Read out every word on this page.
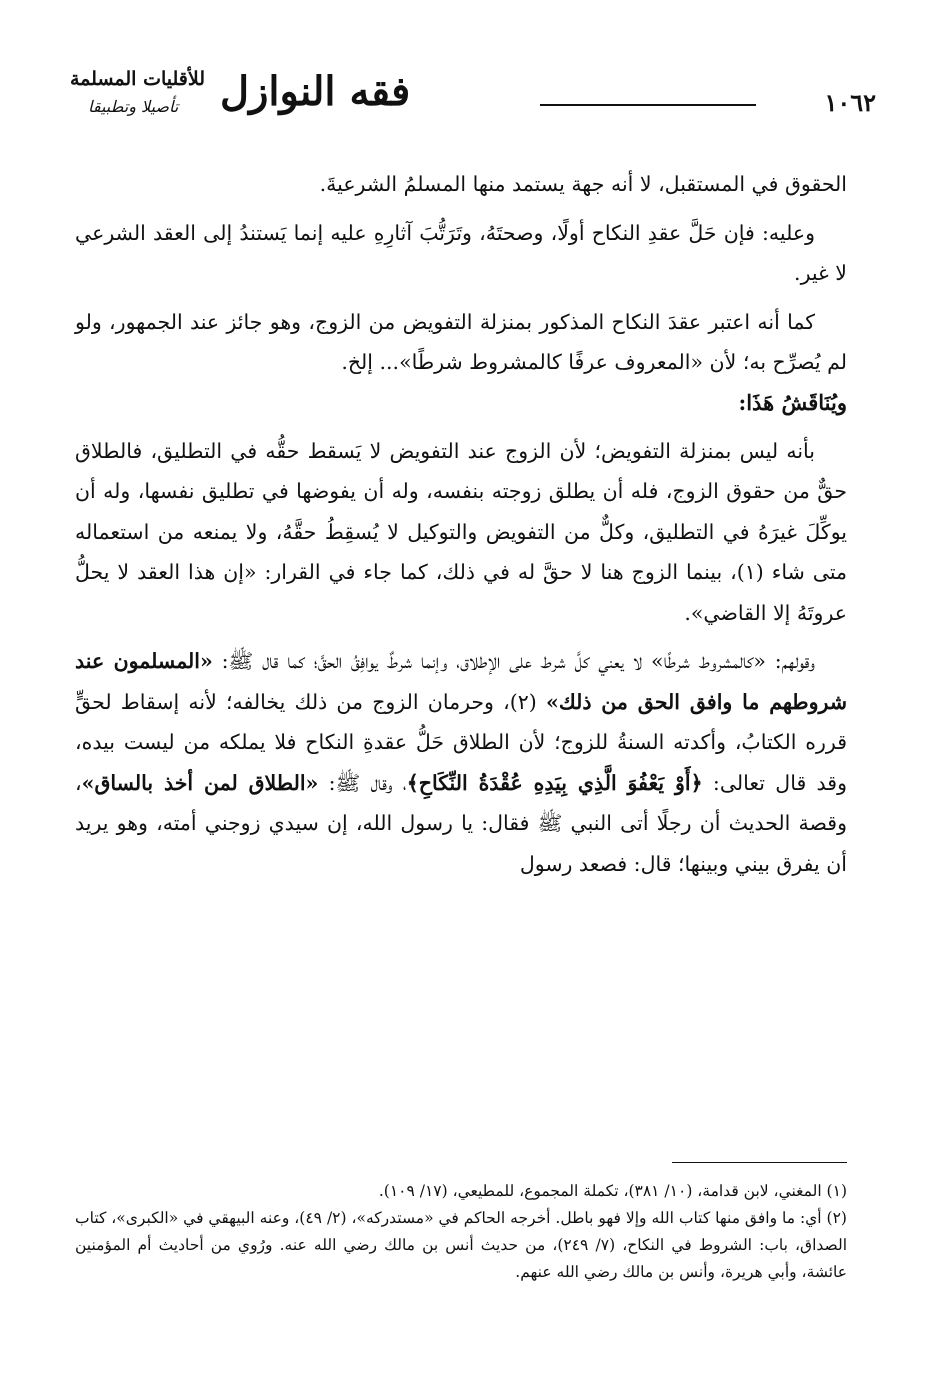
١٠٦٢
فقه النوازل
للأقليات المسلمة
تأصيلا وتطبيقا

الحقوق في المستقبل، لا أنه جهة يستمد منها المسلمُ الشرعيةَ.

وعليه: فإن حَلَّ عقدِ النكاح أولًا، وصحتَهُ، وتَرَتُّبَ آثارِهِ عليه إنما يَستندُ إلى العقد الشرعي لا غير.

كما أنه اعتبر عقدَ النكاح المذكور بمنزلة التفويض من الزوج، وهو جائز عند الجمهور، ولو لم يُصرِّح به؛ لأن «المعروف عرفًا كالمشروط شرطًا»... إلخ.

ويُنَاقَشُ هَذَا:

بأنه ليس بمنزلة التفويض؛ لأن الزوج عند التفويض لا يَسقط حقُّه في التطليق، فالطلاق حقٌّ من حقوق الزوج، فله أن يطلق زوجته بنفسه، وله أن يفوضها في تطليق نفسها، وله أن يوكِّلَ غيرَهُ في التطليق، وكلٌّ من التفويض والتوكيل لا يُسقِطُ حقَّهُ، ولا يمنعه من استعماله متى شاء (١)، بينما الزوج هنا لا حقَّ له في ذلك، كما جاء في القرار: «إن هذا العقد لا يحلُّ عروتَهُ إلا القاضي».

وقولهم: «كالمشروط شرطًا» لا يعني كلَّ شرط على الإطلاق، وإنما شرطٌ يوافِقُ الحقَّ؛ كما قال ﷺ: «المسلمون عند شروطهم ما وافق الحق من ذلك» (٢)، وحرمان الزوج من ذلك يخالفه؛ لأنه إسقاط لحقٍّ قرره الكتابُ، وأكدته السنةُ للزوج؛ لأن الطلاق حَلُّ عقدةِ النكاح فلا يملكه من ليست بيده، وقد قال تعالى: ﴿أَوْ يَعْفُوَ الَّذِي بِيَدِهِ عُقْدَةُ النِّكَاحِ﴾، وقال ﷺ: «الطلاق لمن أخذ بالساق»، وقصة الحديث أن رجلًا أتى النبي ﷺ فقال: يا رسول الله، إن سيدي زوجني أمته، وهو يريد أن يفرق بيني وبينها؛ قال: فصعد رسول

(١) المغني، لابن قدامة، (١٠/ ٣٨١)، تكملة المجموع، للمطيعي، (١٧/ ١٠٩).

(٢) أي: ما وافق منها كتاب الله وإلا فهو باطل. أخرجه الحاكم في «مستدركه»، (٢/ ٤٩)، وعنه البيهقي في «الكبرى»، كتاب الصداق، باب: الشروط في النكاح، (٧/ ٢٤٩)، من حديث أنس بن مالك رضي الله عنه. ورُوي من أحاديث أم المؤمنين عائشة، وأبي هريرة، وأنس بن مالك رضي الله عنهم.
